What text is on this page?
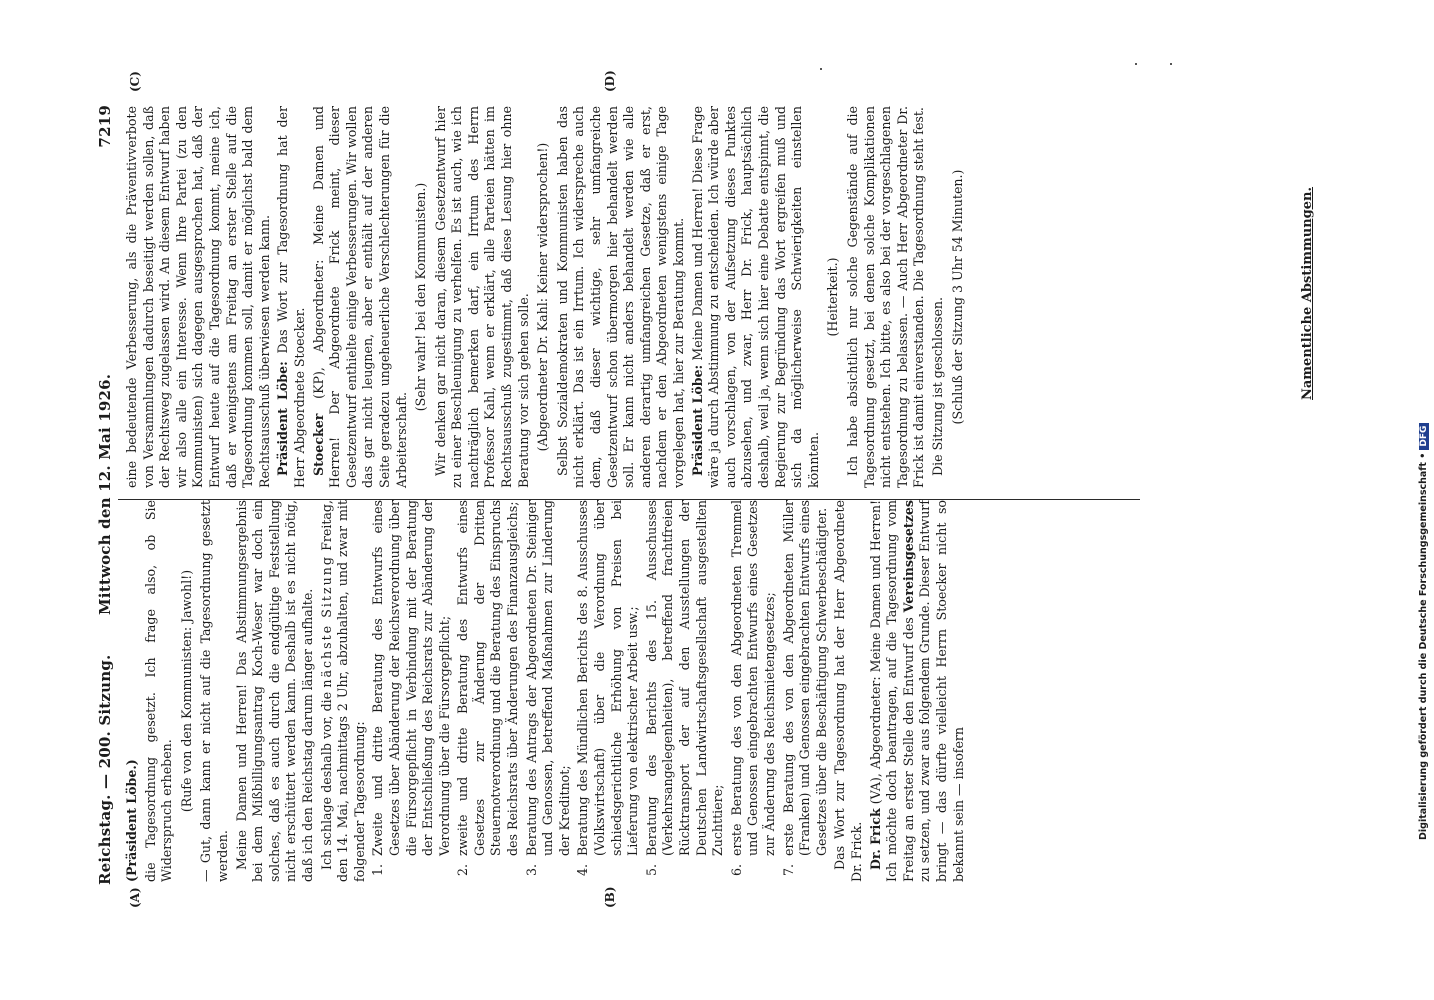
Reichstag. — 200. Sitzung.
Mittwoch den 12. Mai 1926.
7219
(A)	(B)
(C)	(D)

(Präsident Löbe.) die Tagesordnung gesetzt. Ich frage also, ob Sie Widerspruch erheben. (Rufe von den Kommunisten: Jawohl!) — Gut, dann kann er nicht auf die Tagesordnung gesetzt werden. Meine Damen und Herren! Das Abstimmungsergebnis bei dem Mißbilligungsantrag Koch-Weser war doch ein solches, daß es auch durch die endgültige Feststellung nicht erschüttert werden kann. Deshalb ist es nicht nötig, daß ich den Reichstag darum länger aufhalte. Ich schlage deshalb vor, die nächste Sitzung Freitag, den 14. Mai, nachmittags 2 Uhr, abzuhalten, und zwar mit folgender Tagesordnung: 1.
Zweite und dritte Beratung des Entwurfs eines Gesetzes über Abänderung der Reichsverordnung über die Fürsorgepflicht in Verbindung mit der Beratung der Entschließung des Reichsrats zur Abänderung der Verordnung über die Fürsorgepflicht;
2.
zweite und dritte Beratung des Entwurfs eines Gesetzes zur Änderung der Dritten Steuernotverordnung und die Beratung des Einspruchs des Reichsrats über Änderungen des Finanzausgleichs;
3.
Beratung des Antrags der Abgeordneten Dr. Steiniger und Genossen, betreffend Maßnahmen zur Linderung der Kreditnot;
4.
Beratung des Mündlichen Berichts des 8. Ausschusses (Volkswirtschaft) über die Verordnung über schiedsgerichtliche Erhöhung von Preisen bei Lieferung von elektrischer Arbeit usw.;
5.
Beratung des Berichts des 15. Ausschusses (Verkehrsangelegenheiten), betreffend frachtfreien Rücktransport der auf den Ausstellungen der Deutschen Landwirtschaftsgesellschaft ausgestellten Zuchttiere;
6.
erste Beratung des von den Abgeordneten Tremmel und Genossen eingebrachten Entwurfs eines Gesetzes zur Änderung des Reichsmietengesetzes;
7.
erste Beratung des von den Abgeordneten Müller (Franken) und Genossen eingebrachten Entwurfs eines Gesetzes über die Beschäftigung Schwerbeschädigter. Das Wort zur Tagesordnung hat der Herr Abgeordnete Dr. Frick. Dr. Frick (VA), Abgeordneter: Meine Damen und Herren! Ich möchte doch beantragen, auf die Tagesordnung vom Freitag an erster Stelle den Entwurf des Vereinsgesetzes zu setzen, und zwar aus folgendem Grunde. Dieser Entwurf bringt — das dürfte vielleicht Herrn Stoecker nicht so bekannt sein — insofern

eine bedeutende Verbesserung, als die Präventivverbote von Versammlungen dadurch beseitigt werden sollen, daß der Rechtsweg zugelassen wird. An diesem Entwurf haben wir also alle ein Interesse. Wenn Ihre Partei (zu den Kommunisten) sich dagegen ausgesprochen hat, daß der Entwurf heute auf die Tagesordnung kommt, meine ich, daß er wenigstens am Freitag an erster Stelle auf die Tagesordnung kommen soll, damit er möglichst bald dem Rechtsausschuß überwiesen werden kann. Präsident Löbe: Das Wort zur Tagesordnung hat der Herr Abgeordnete Stoecker. Stoecker (KP), Abgeordneter: Meine Damen und Herren! Der Abgeordnete Frick meint, dieser Gesetzentwurf enthielte einige Verbesserungen. Wir wollen das gar nicht leugnen, aber er enthält auf der anderen Seite geradezu ungeheuerliche Verschlechterungen für die Arbeiterschaft.

(Sehr wahr! bei den Kommunisten.) Wir denken gar nicht daran, diesem Gesetzentwurf hier zu einer Beschleunigung zu verhelfen. Es ist auch, wie ich nachträglich bemerken darf, ein Irrtum des Herrn Professor Kahl, wenn er erklärt, alle Parteien hätten im Rechtsausschuß zugestimmt, daß diese Lesung hier ohne Beratung vor sich gehen solle. (Abgeordneter Dr. Kahl: Keiner widersprochen!) Selbst Sozialdemokraten und Kommunisten haben das nicht erklärt. Das ist ein Irrtum. Ich widerspreche auch dem, daß dieser wichtige, sehr umfangreiche Gesetzentwurf schon übermorgen hier behandelt werden soll. Er kann nicht anders behandelt werden wie alle anderen derartig umfangreichen Gesetze, daß er erst, nachdem er den Abgeordneten wenigstens einige Tage vorgelegen hat, hier zur Beratung kommt. Präsident Löbe: Meine Damen und Herren! Diese Frage wäre ja durch Abstimmung zu entscheiden. Ich würde aber auch vorschlagen, von der Aufsetzung dieses Punktes abzusehen, und zwar, Herr Dr. Frick, hauptsächlich deshalb, weil ja, wenn sich hier eine Debatte entspinnt, die Regierung zur Begründung das Wort ergreifen muß und sich da möglicherweise Schwierigkeiten einstellen könnten.

(Heiterkeit.) Ich habe absichtlich nur solche Gegenstände auf die Tagesordnung gesetzt, bei denen solche Komplikationen nicht entstehen. Ich bitte, es also bei der vorgeschlagenen Tagesordnung zu belassen. — Auch Herr Abgeordneter Dr. Frick ist damit einverstanden. Die Tagesordnung steht fest. Die Sitzung ist geschlossen. (Schluß der Sitzung 3 Uhr 54 Minuten.)	Namentliche Abstimmungen.
Digitalisierung gefördert durch die Deutsche Forschungsgemeinschaft •DFG
